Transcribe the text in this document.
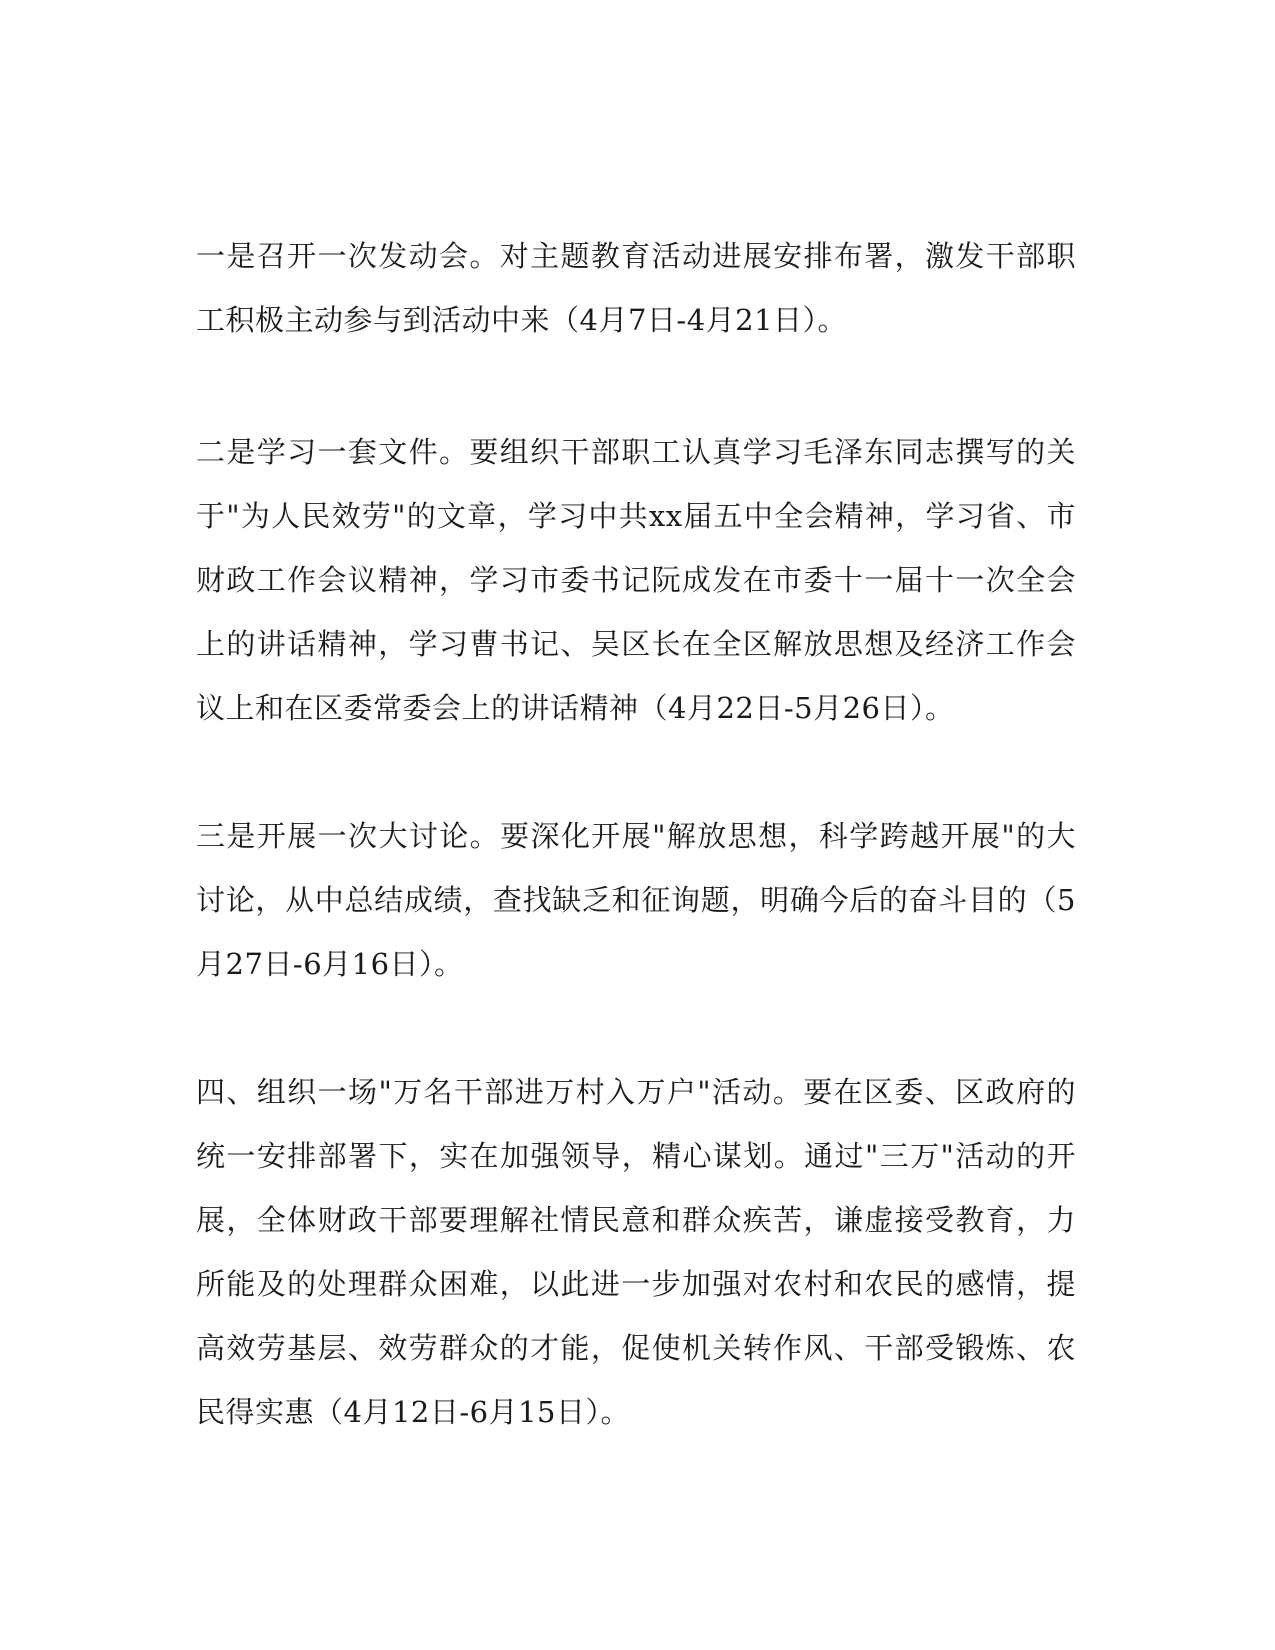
一是召开一次发动会。对主题教育活动进展安排布署，激发干部职工积极主动参与到活动中来（4月7日-4月21日）。

二是学习一套文件。要组织干部职工认真学习毛泽东同志撰写的关于"为人民效劳"的文章，学习中共xx届五中全会精神，学习省、市财政工作会议精神，学习市委书记阮成发在市委十一届十一次全会上的讲话精神，学习曹书记、吴区长在全区解放思想及经济工作会议上和在区委常委会上的讲话精神（4月22日-5月26日）。

三是开展一次大讨论。要深化开展"解放思想，科学跨越开展"的大讨论，从中总结成绩，查找缺乏和征询题，明确今后的奋斗目的（5月27日-6月16日）。

四、组织一场"万名干部进万村入万户"活动。要在区委、区政府的统一安排部署下，实在加强领导，精心谋划。通过"三万"活动的开展，全体财政干部要理解社情民意和群众疾苦，谦虚接受教育，力所能及的处理群众困难，以此进一步加强对农村和农民的感情，提高效劳基层、效劳群众的才能，促使机关转作风、干部受锻炼、农民得实惠（4月12日-6月15日）。
